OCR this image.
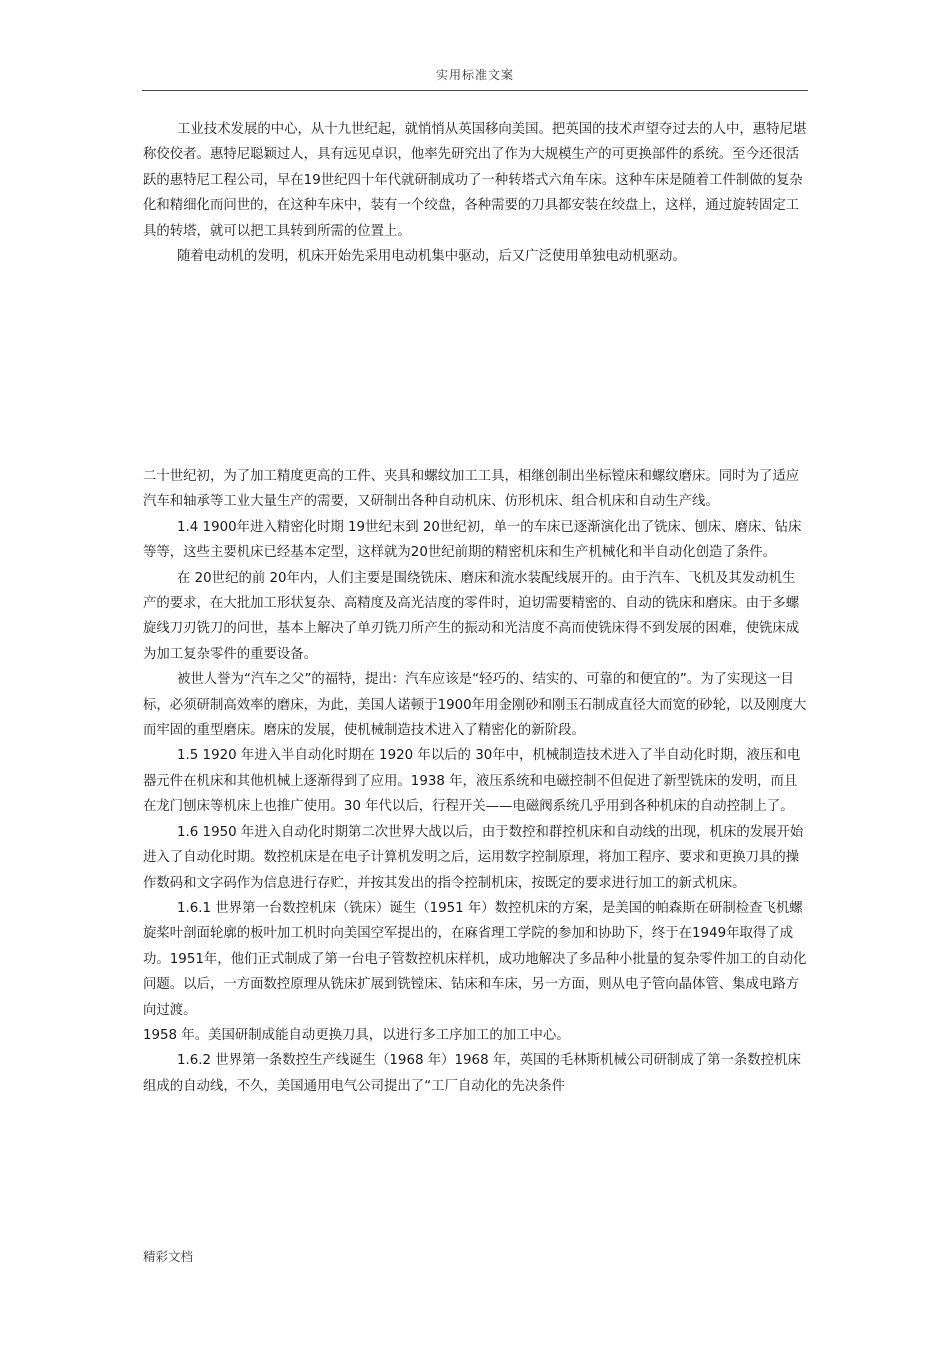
实用标准文案

工业技术发展的中心，从十九世纪起，就悄悄从英国移向美国。把英国的技术声望夺过去的人中，惠特尼堪称佼佼者。惠特尼聪颖过人，具有远见卓识，他率先研究出了作为大规模生产的可更换部件的系统。至今还很活跃的惠特尼工程公司，早在19世纪四十年代就研制成功了一种转塔式六角车床。这种车床是随着工件制做的复杂化和精细化而问世的，在这种车床中，装有一个绞盘，各种需要的刀具都安装在绞盘上，这样，通过旋转固定工具的转塔，就可以把工具转到所需的位置上。

随着电动机的发明，机床开始先采用电动机集中驱动，后又广泛使用单独电动机驱动。

二十世纪初，为了加工精度更高的工件、夹具和螺纹加工工具，相继创制出坐标镗床和螺纹磨床。同时为了适应汽车和轴承等工业大量生产的需要，又研制出各种自动机床、仿形机床、组合机床和自动生产线。

1.4 1900年进入精密化时期 19世纪末到 20世纪初，单一的车床已逐渐演化出了铣床、刨床、磨床、钻床等等，这些主要机床已经基本定型，这样就为20世纪前期的精密机床和生产机械化和半自动化创造了条件。

在 20世纪的前 20年内，人们主要是围绕铣床、磨床和流水装配线展开的。由于汽车、飞机及其发动机生产的要求，在大批加工形状复杂、高精度及高光洁度的零件时，迫切需要精密的、自动的铣床和磨床。由于多螺旋线刀刃铣刀的问世，基本上解决了单刃铣刀所产生的振动和光洁度不高而使铣床得不到发展的困难，使铣床成为加工复杂零件的重要设备。

被世人誉为“汽车之父”的福特，提出：汽车应该是“轻巧的、结实的、可靠的和便宜的”。为了实现这一目标，必须研制高效率的磨床，为此，美国人诺顿于1900年用金刚砂和刚玉石制成直径大而宽的砂轮，以及刚度大而牢固的重型磨床。磨床的发展，使机械制造技术进入了精密化的新阶段。

1.5 1920 年进入半自动化时期在 1920 年以后的 30年中，机械制造技术进入了半自动化时期，液压和电器元件在机床和其他机械上逐渐得到了应用。1938 年，液压系统和电磁控制不但促进了新型铣床的发明，而且在龙门刨床等机床上也推广使用。30 年代以后，行程开关——电磁阀系统几乎用到各种机床的自动控制上了。

1.6 1950 年进入自动化时期第二次世界大战以后，由于数控和群控机床和自动线的出现，机床的发展开始进入了自动化时期。数控机床是在电子计算机发明之后，运用数字控制原理，将加工程序、要求和更换刀具的操作数码和文字码作为信息进行存贮，并按其发出的指令控制机床，按既定的要求进行加工的新式机床。

1.6.1 世界第一台数控机床（铣床）诞生（1951 年）数控机床的方案，是美国的帕森斯在研制检查飞机螺旋桨叶剖面轮廓的板叶加工机时向美国空军提出的，在麻省理工学院的参加和协助下，终于在1949年取得了成功。1951年，他们正式制成了第一台电子管数控机床样机，成功地解决了多品种小批量的复杂零件加工的自动化问题。以后，一方面数控原理从铣床扩展到铣镗床、钻床和车床，另一方面，则从电子管向晶体管、集成电路方向过渡。

1958 年。美国研制成能自动更换刀具，以进行多工序加工的加工中心。

1.6.2 世界第一条数控生产线诞生（1968 年）1968 年，英国的毛林斯机械公司研制成了第一条数控机床组成的自动线，不久，美国通用电气公司提出了“工厂自动化的先决条件

精彩文档
